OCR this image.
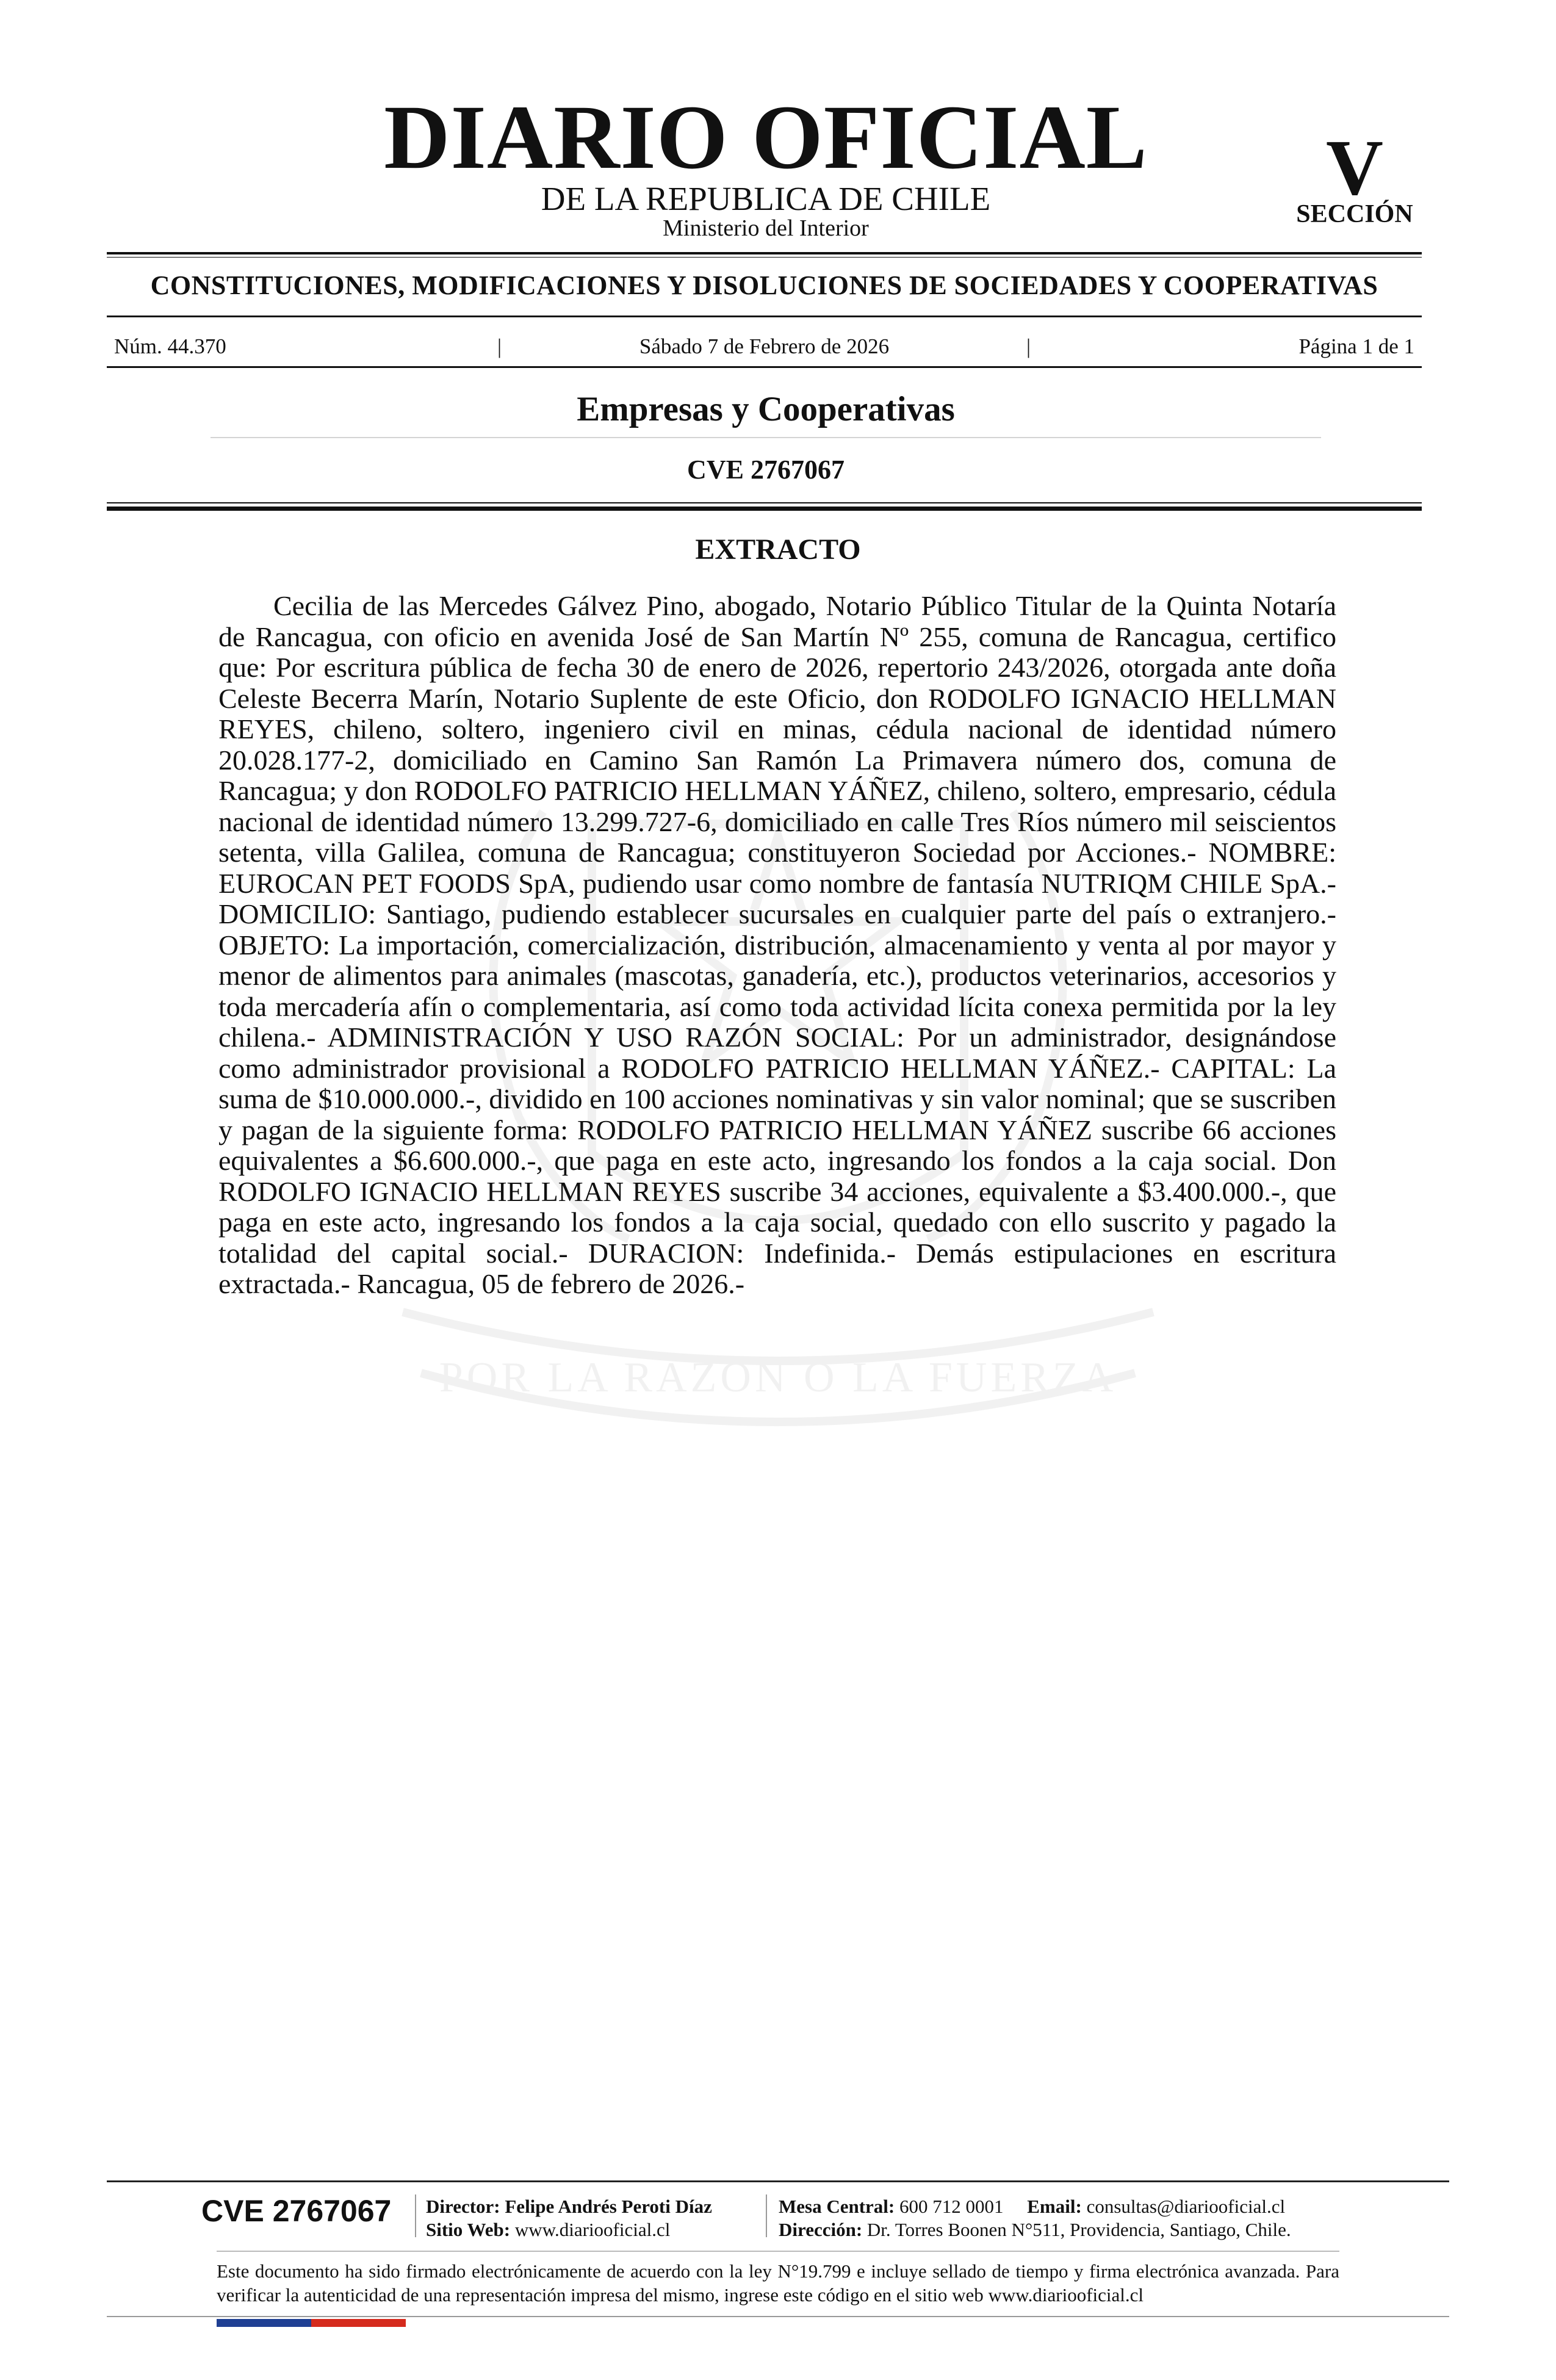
POR LA RAZON O LA FUERZA
DIARIO OFICIAL
DE LA REPUBLICA DE CHILE
Ministerio del Interior
V
SECCIÓN
CONSTITUCIONES, MODIFICACIONES Y DISOLUCIONES DE SOCIEDADES Y COOPERATIVAS
Núm. 44.370	|	Sábado 7 de Febrero de 2026	|	Página 1 de 1
Empresas y Cooperativas
CVE 2767067
EXTRACTO

Cecilia de las Mercedes Gálvez Pino, abogado, Notario Público Titular de la Quinta Notaría de Rancagua, con oficio en avenida José de San Martín Nº 255, comuna de Rancagua, certifico que: Por escritura pública de fecha 30 de enero de 2026, repertorio 243/2026, otorgada ante doña Celeste Becerra Marín, Notario Suplente de este Oficio, don RODOLFO IGNACIO HELLMAN REYES, chileno, soltero, ingeniero civil en minas, cédula nacional de identidad número 20.028.177-2, domiciliado en Camino San Ramón La Primavera número dos, comuna de Rancagua; y don RODOLFO PATRICIO HELLMAN YÁÑEZ, chileno, soltero, empresario, cédula nacional de identidad número 13.299.727-6, domiciliado en calle Tres Ríos número mil seiscientos setenta, villa Galilea, comuna de Rancagua; constituyeron Sociedad por Acciones.- NOMBRE: EUROCAN PET FOODS SpA, pudiendo usar como nombre de fantasía NUTRIQM CHILE SpA.- DOMICILIO: Santiago, pudiendo establecer sucursales en cualquier parte del país o extranjero.- OBJETO: La importación, comercialización, distribución, almacenamiento y venta al por mayor y menor de alimentos para animales (mascotas, ganadería, etc.), productos veterinarios, accesorios y toda mercadería afín o complementaria, así como toda actividad lícita conexa permitida por la ley chilena.- ADMINISTRACIÓN Y USO RAZÓN SOCIAL: Por un administrador, designándose como administrador provisional a RODOLFO PATRICIO HELLMAN YÁÑEZ.- CAPITAL: La suma de $10.000.000.-, dividido en 100 acciones nominativas y sin valor nominal; que se suscriben y pagan de la siguiente forma: RODOLFO PATRICIO HELLMAN YÁÑEZ suscribe 66 acciones equivalentes a $6.600.000.-, que paga en este acto, ingresando los fondos a la caja social. Don RODOLFO IGNACIO HELLMAN REYES suscribe 34 acciones, equivalente a $3.400.000.-, que paga en este acto, ingresando los fondos a la caja social, quedado con ello suscrito y pagado la totalidad del capital social.- DURACION: Indefinida.- Demás estipulaciones en escritura extractada.- Rancagua, 05 de febrero de 2026.-

CVE 2767067 Director: Felipe Andrés Peroti Díaz
Sitio Web: www.diariooficial.cl
Mesa Central: 600 712 0001 Email: consultas@diariooficial.cl
Dirección: Dr. Torres Boonen N°511, Providencia, Santiago, Chile.

Este documento ha sido firmado electrónicamente de acuerdo con la ley N°19.799 e incluye sellado de tiempo y firma electrónica avanzada. Para verificar la autenticidad de una representación impresa del mismo, ingrese este código en el sitio web www.diariooficial.cl
